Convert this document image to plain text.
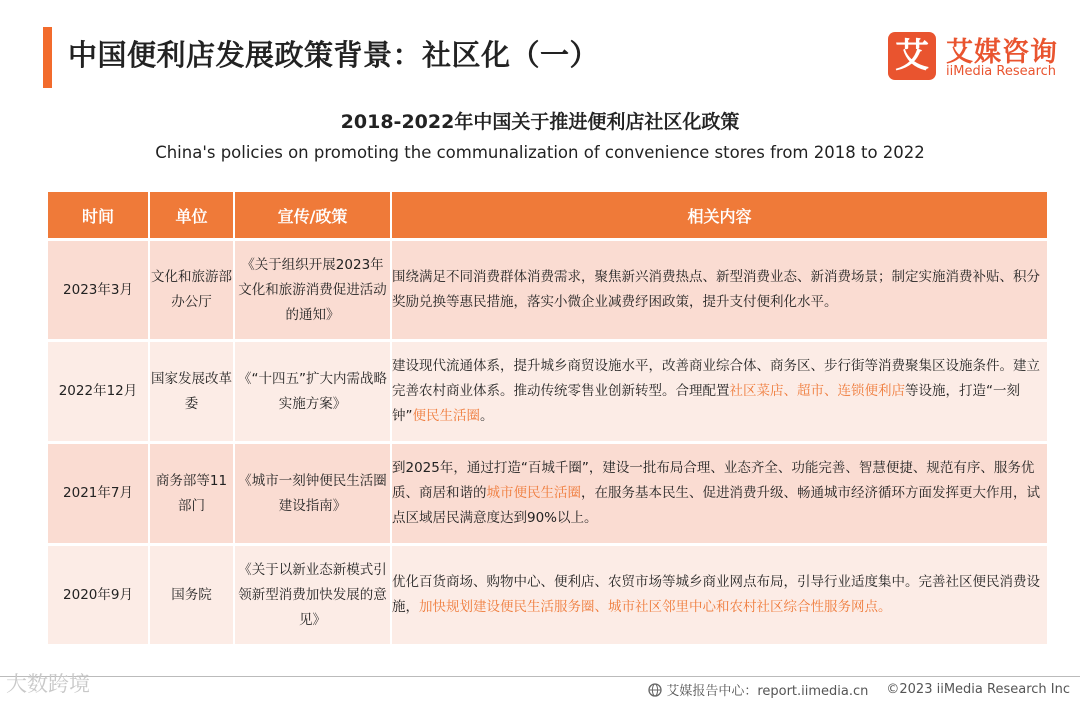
中国便利店发展政策背景：社区化（一）	艾 艾媒咨询
iiMedia Research
2018-2022年中国关于推进便利店社区化政策
China's policies on promoting the communalization of convenience stores from 2018 to 2022
时间	单位	宣传/政策	相关内容
2023年3月	文化和旅游部办公厅	《关于组织开展2023年文化和旅游消费促进活动的通知》	围绕满足不同消费群体消费需求，聚焦新兴消费热点、新型消费业态、新消费场景；制定实施消费补贴、积分奖励兑换等惠民措施，落实小微企业减费纾困政策，提升支付便利化水平。
2022年12月	国家发展改革委	《“十四五”扩大内需战略实施方案》	建设现代流通体系，提升城乡商贸设施水平，改善商业综合体、商务区、步行街等消费聚集区设施条件。建立完善农村商业体系。推动传统零售业创新转型。合理配置社区菜店、超市、连锁便利店等设施，打造“一刻钟”便民生活圈。
2021年7月	商务部等11部门	《城市一刻钟便民生活圈建设指南》	到2025年，通过打造“百城千圈”，建设一批布局合理、业态齐全、功能完善、智慧便捷、规范有序、服务优质、商居和谐的城市便民生活圈，在服务基本民生、促进消费升级、畅通城市经济循环方面发挥更大作用，试点区域居民满意度达到90%以上。
2020年9月	国务院	《关于以新业态新模式引领新型消费加快发展的意见》	优化百货商场、购物中心、便利店、农贸市场等城乡商业网点布局，引导行业适度集中。完善社区便民消费设施，加快规划建设便民生活服务圈、城市社区邻里中心和农村社区综合性服务网点。
大数跨境	艾媒报告中心：report.iimedia.cn ©2023 iiMedia Research Inc
